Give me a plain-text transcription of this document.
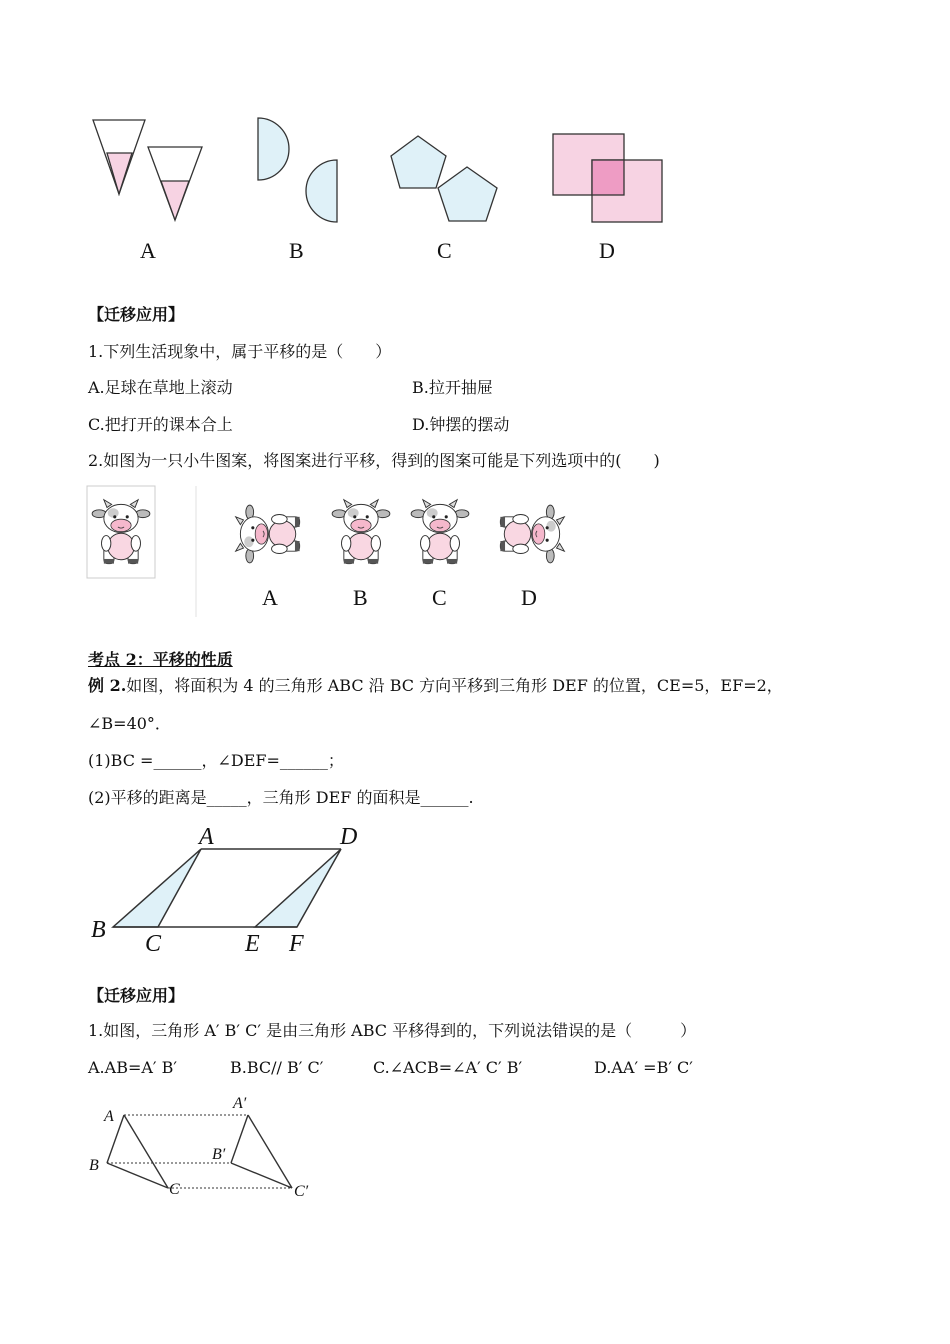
A	B	C	D
【迁移应用】
1.下列生活现象中，属于平移的是（　　）
A.足球在草地上滚动	B.拉开抽屉
C.把打开的课本合上	D.钟摆的摆动
2.如图为一只小牛图案，将图案进行平移，得到的图案可能是下列选项中的(　　)
A	B	C	D
考点 2：平移的性质
例 2.如图，将面积为 4 的三角形 ABC 沿 BC 方向平移到三角形 DEF 的位置，CE=5，EF=2，
∠B=40°．
(1)BC =______，∠DEF=______；
(2)平移的距离是_____，三角形 DEF 的面积是______.
A	D
B
C	E F
【迁移应用】
1.如图，三角形 A′ B′ C′ 是由三角形 ABC 平移得到的，下列说法错误的是（　　　）
A.AB=A′ B′	B.BC// B′ C′	C.∠ACB=∠A′ C′ B′	D.AA′ =B′ C′
A
B
C
A′
B′
C′
